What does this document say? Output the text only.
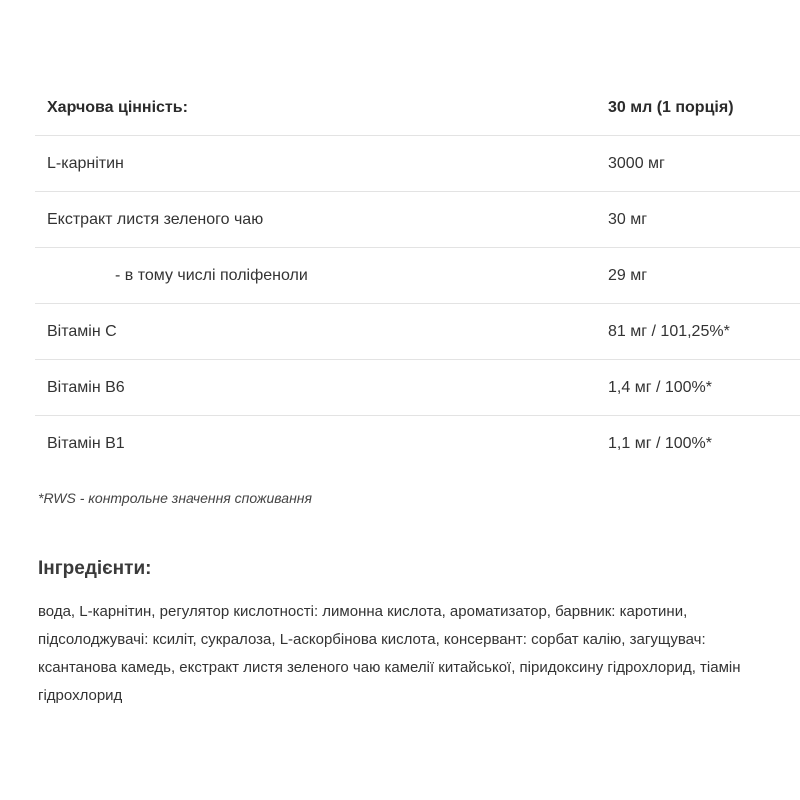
Харчова цінність:	30 мл (1 порція)
L-карнітин	3000 мг
Екстракт листя зеленого чаю	30 мг
- в тому числі поліфеноли	29 мг
Вітамін С	81 мг / 101,25%*
Вітамін В6	1,4 мг / 100%*
Вітамін В1	1,1 мг / 100%*
*RWS - контрольне значення споживання
Інгредієнти:

вода, L-карнітин, регулятор кислотності: лимонна кислота, ароматизатор, барвник: каротини, підсолоджувачі: ксиліт, сукралоза, L-аскорбінова кислота, консервант: сорбат калію, загущувач: ксантанова камедь, екстракт листя зеленого чаю камелії китайської, піридоксину гідрохлорид, тіамін гідрохлорид
